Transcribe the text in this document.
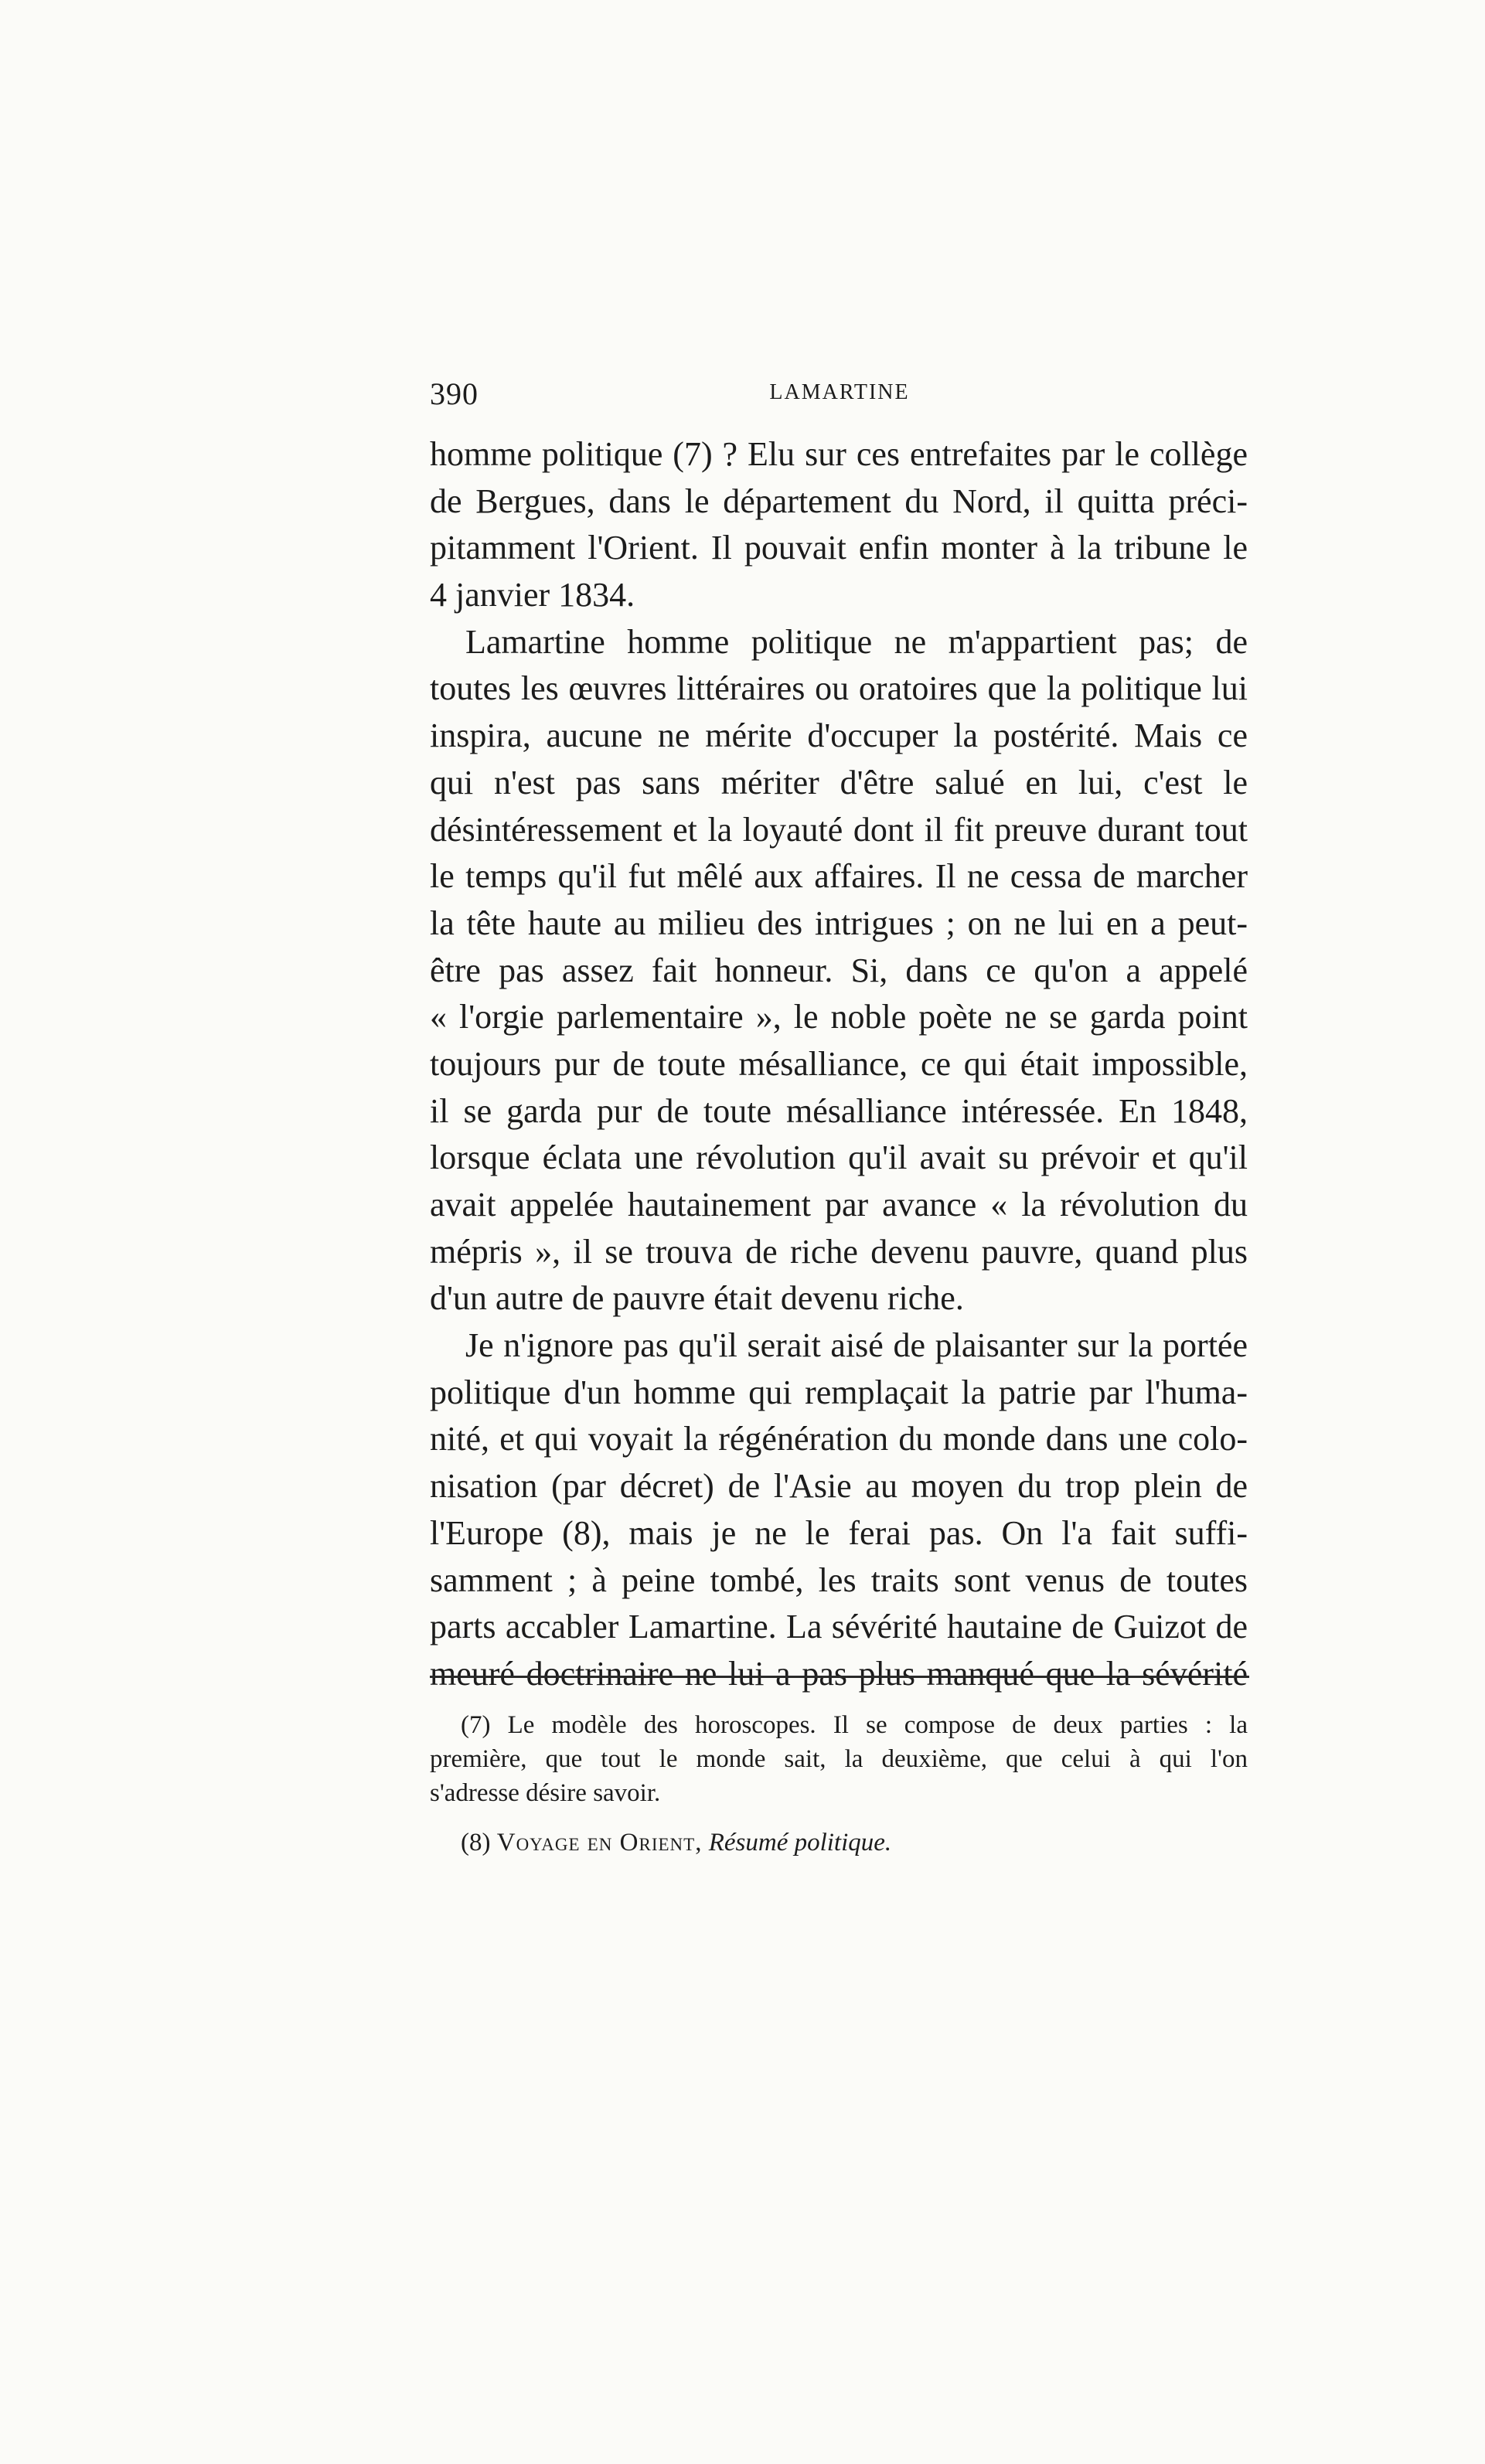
390	LAMARTINE
homme politique (7) ? Elu sur ces entrefaites par le collège
de Bergues, dans le département du Nord, il quitta préci-
pitamment l'Orient. Il pouvait enfin monter à la tribune le
4 janvier 1834.
Lamartine homme politique ne m'appartient pas; de
toutes les œuvres littéraires ou oratoires que la politique lui
inspira, aucune ne mérite d'occuper la postérité. Mais ce
qui n'est pas sans mériter d'être salué en lui, c'est le
désintéressement et la loyauté dont il fit preuve durant tout
le temps qu'il fut mêlé aux affaires. Il ne cessa de marcher
la tête haute au milieu des intrigues ; on ne lui en a peut-
être pas assez fait honneur. Si, dans ce qu'on a appelé
« l'orgie parlementaire », le noble poète ne se garda point
toujours pur de toute mésalliance, ce qui était impossible,
il se garda pur de toute mésalliance intéressée. En 1848,
lorsque éclata une révolution qu'il avait su prévoir et qu'il
avait appelée hautainement par avance « la révolution du
mépris », il se trouva de riche devenu pauvre, quand plus
d'un autre de pauvre était devenu riche.
Je n'ignore pas qu'il serait aisé de plaisanter sur la portée
politique d'un homme qui remplaçait la patrie par l'huma-
nité, et qui voyait la régénération du monde dans une colo-
nisation (par décret) de l'Asie au moyen du trop plein de
l'Europe (8), mais je ne le ferai pas. On l'a fait suffi-
samment ; à peine tombé, les traits sont venus de toutes
parts accabler Lamartine. La sévérité hautaine de Guizot de
meuré doctrinaire ne lui a pas plus manqué que la sévérité
(7) Le modèle des horoscopes. Il se compose de deux parties : la
première, que tout le monde sait, la deuxième, que celui à qui l'on
s'adresse désire savoir.
(8) Voyage en Orient, Résumé politique.
